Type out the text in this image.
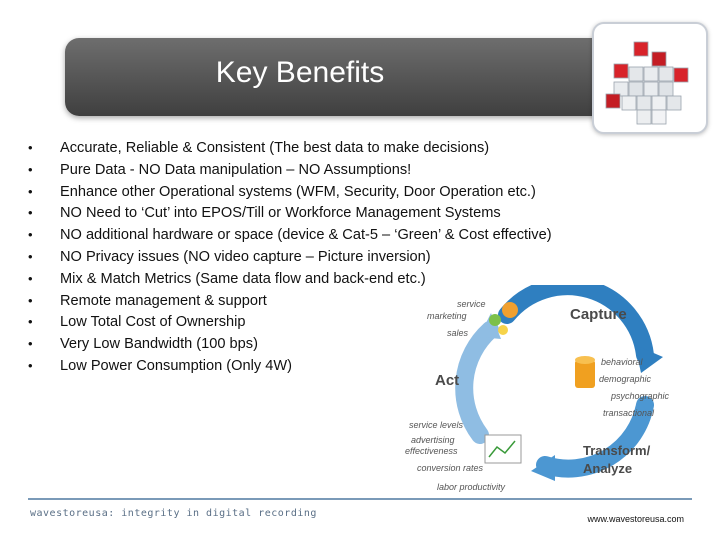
Key Benefits
• Accurate, Reliable & Consistent (The best data to make decisions)
• Pure Data - NO Data manipulation – NO Assumptions!
• Enhance other Operational systems (WFM, Security, Door Operation etc.)
• NO Need to ‘Cut’ into EPOS/Till or Workforce Management Systems
• NO additional hardware or space (device & Cat-5 – ‘Green’ & Cost effective)
• NO Privacy issues (NO video capture – Picture inversion)
• Mix & Match Metrics (Same data flow and back-end etc.)
• Remote management & support
• Low Total Cost of Ownership
• Very Low Bandwidth (100 bps)
• Low Power Consumption (Only 4W)
Capture
service
marketing
sales
behavioral
demographic
psychographic
transactional
Transform/
Analyze
Act
service levels
advertising
effectiveness
conversion rates
labor productivity
wavestoreusa: integrity in digital recording	www.wavestoreusa.com
